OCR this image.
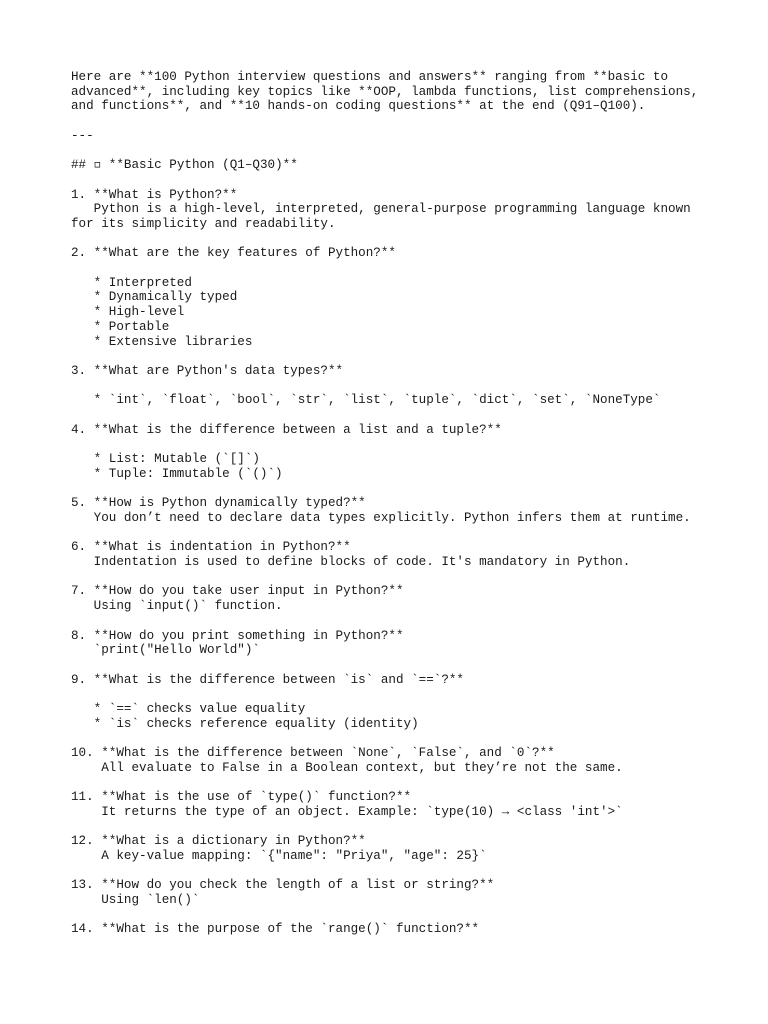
Here are **100 Python interview questions and answers** ranging from **basic to
advanced**, including key topics like **OOP, lambda functions, list comprehensions,
and functions**, and **10 hands-on coding questions** at the end (Q91–Q100).
---
## ◽ **Basic Python (Q1–Q30)**
1. **What is Python?**
Python is a high-level, interpreted, general-purpose programming language known
for its simplicity and readability.
2. **What are the key features of Python?**
* Interpreted
* Dynamically typed
* High-level
* Portable
* Extensive libraries
3. **What are Python's data types?**
* `int`, `float`, `bool`, `str`, `list`, `tuple`, `dict`, `set`, `NoneType`
4. **What is the difference between a list and a tuple?**
* List: Mutable (`[]`)
* Tuple: Immutable (`()`)
5. **How is Python dynamically typed?**
You don’t need to declare data types explicitly. Python infers them at runtime.
6. **What is indentation in Python?**
Indentation is used to define blocks of code. It's mandatory in Python.
7. **How do you take user input in Python?**
Using `input()` function.
8. **How do you print something in Python?**
`print("Hello World")`
9. **What is the difference between `is` and `==`?**
* `==` checks value equality
* `is` checks reference equality (identity)
10. **What is the difference between `None`, `False`, and `0`?**
All evaluate to False in a Boolean context, but they’re not the same.
11. **What is the use of `type()` function?**
It returns the type of an object. Example: `type(10) → <class 'int'>`
12. **What is a dictionary in Python?**
A key-value mapping: `{"name": "Priya", "age": 25}`
13. **How do you check the length of a list or string?**
Using `len()`
14. **What is the purpose of the `range()` function?**
